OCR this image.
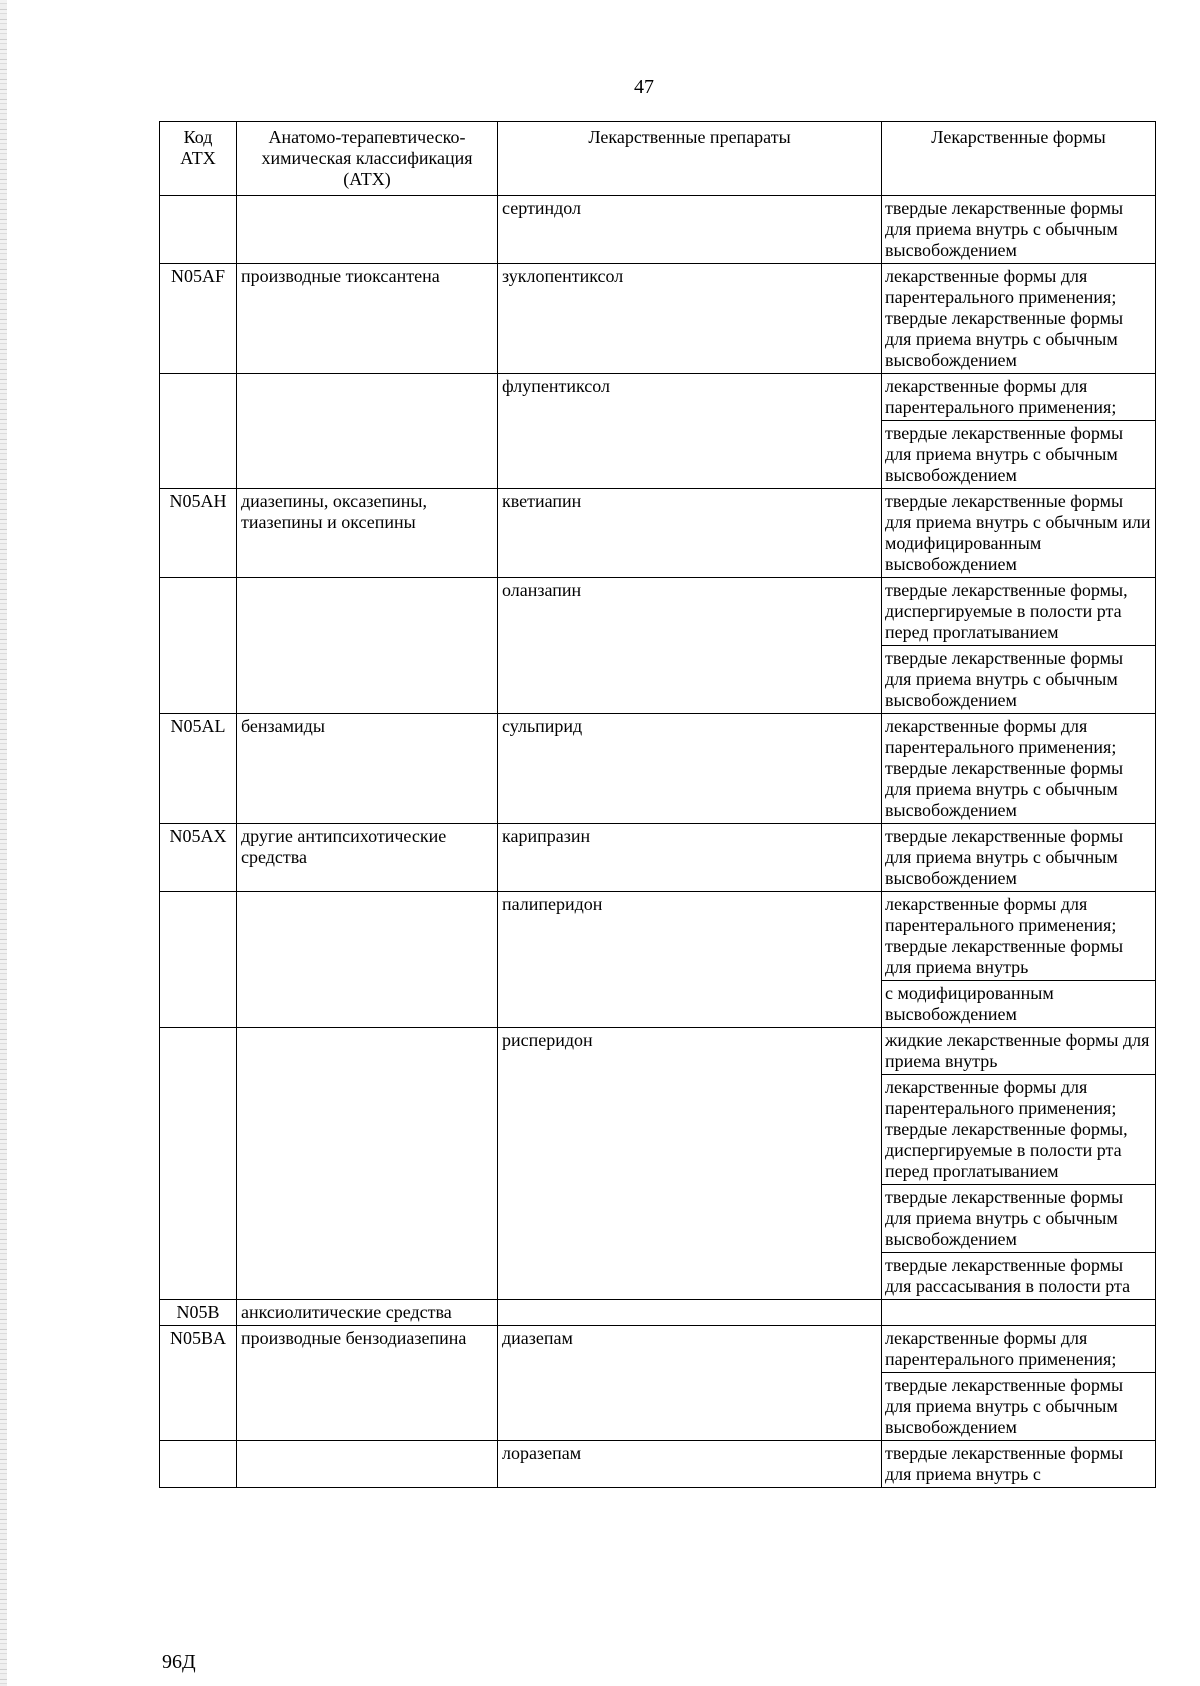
47
Код АТХ	Анатомо-терапевтическо-химическая классификация (АТХ)	Лекарственные препараты	Лекарственные формы
		сертиндол	твердые лекарственные формы для приема внутрь с обычным высвобождением
N05AF	производные тиоксантена	зуклопентиксол	лекарственные формы для парентерального применения; твердые лекарственные формы для приема внутрь с обычным высвобождением
		флупентиксол	лекарственные формы для парентерального применения;
			твердые лекарственные формы для приема внутрь с обычным высвобождением
N05AH	диазепины, оксазепины, тиазепины и оксепины	кветиапин	твердые лекарственные формы для приема внутрь с обычным или модифицированным высвобождением
		оланзапин	твердые лекарственные формы, диспергируемые в полости рта перед проглатыванием
			твердые лекарственные формы для приема внутрь с обычным высвобождением
N05AL	бензамиды	сульпирид	лекарственные формы для парентерального применения; твердые лекарственные формы для приема внутрь с обычным высвобождением
N05AX	другие антипсихотические средства	карипразин	твердые лекарственные формы для приема внутрь с обычным высвобождением
		палиперидон	лекарственные формы для парентерального применения; твердые лекарственные формы для приема внутрь
			с модифицированным высвобождением
		рисперидон	жидкие лекарственные формы для приема внутрь
			лекарственные формы для парентерального применения; твердые лекарственные формы, диспергируемые в полости рта перед проглатыванием
			твердые лекарственные формы для приема внутрь с обычным высвобождением
			твердые лекарственные формы для рассасывания в полости рта
N05B	анксиолитические средства		
N05BA	производные бензодиазепина	диазепам	лекарственные формы для парентерального применения;
			твердые лекарственные формы для приема внутрь с обычным высвобождением
		лоразепам	твердые лекарственные формы для приема внутрь с
96Д
